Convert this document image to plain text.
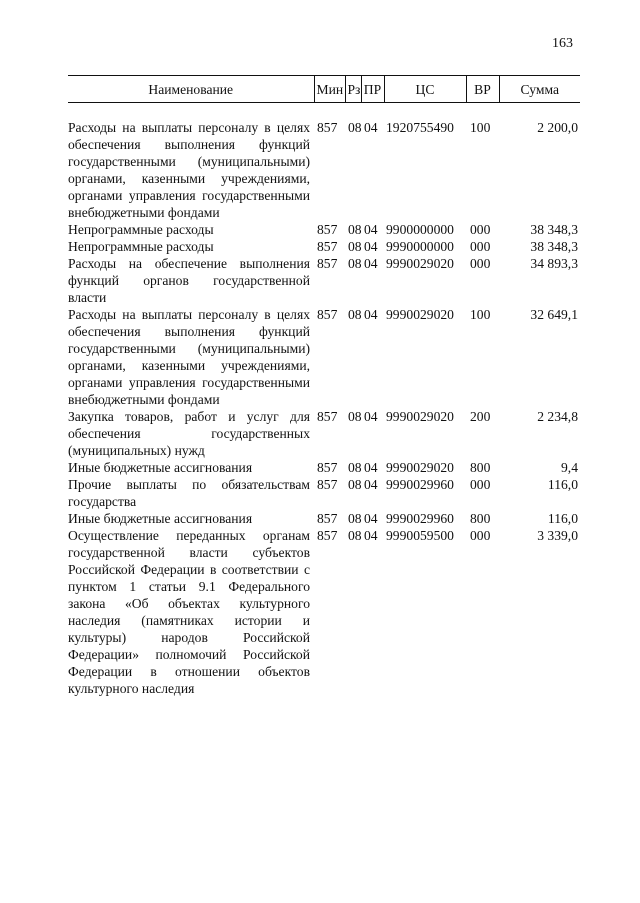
163
Наименование	Мин	Рз	ПР	ЦС	ВР	Сумма

Расходы на выплаты персоналу в целях обеспечения выполнения функций государственными (муниципальными) органами, казенными учреждениями, органами управления государственными внебюджетными фондами	857	08	04	1920755490	100	2 200,0
Непрограммные расходы	857	08	04	9900000000	000	38 348,3
Непрограммные расходы	857	08	04	9990000000	000	38 348,3
Расходы на обеспечение выполнения функций органов государственной власти	857	08	04	9990029020	000	34 893,3
Расходы на выплаты персоналу в целях обеспечения выполнения функций государственными (муниципальными) органами, казенными учреждениями, органами управления государственными внебюджетными фондами	857	08	04	9990029020	100	32 649,1
Закупка товаров, работ и услуг для обеспечения государственных (муниципальных) нужд	857	08	04	9990029020	200	2 234,8
Иные бюджетные ассигнования	857	08	04	9990029020	800	9,4
Прочие выплаты по обязательствам государства	857	08	04	9990029960	000	116,0
Иные бюджетные ассигнования	857	08	04	9990029960	800	116,0
Осуществление переданных органам государственной власти субъектов Российской Федерации в соответствии с пунктом 1 статьи 9.1 Федерального закона «Об объектах культурного наследия (памятниках истории и культуры) народов Российской Федерации» полномочий Российской Федерации в отношении объектов культурного наследия	857	08	04	9990059500	000	3 339,0
